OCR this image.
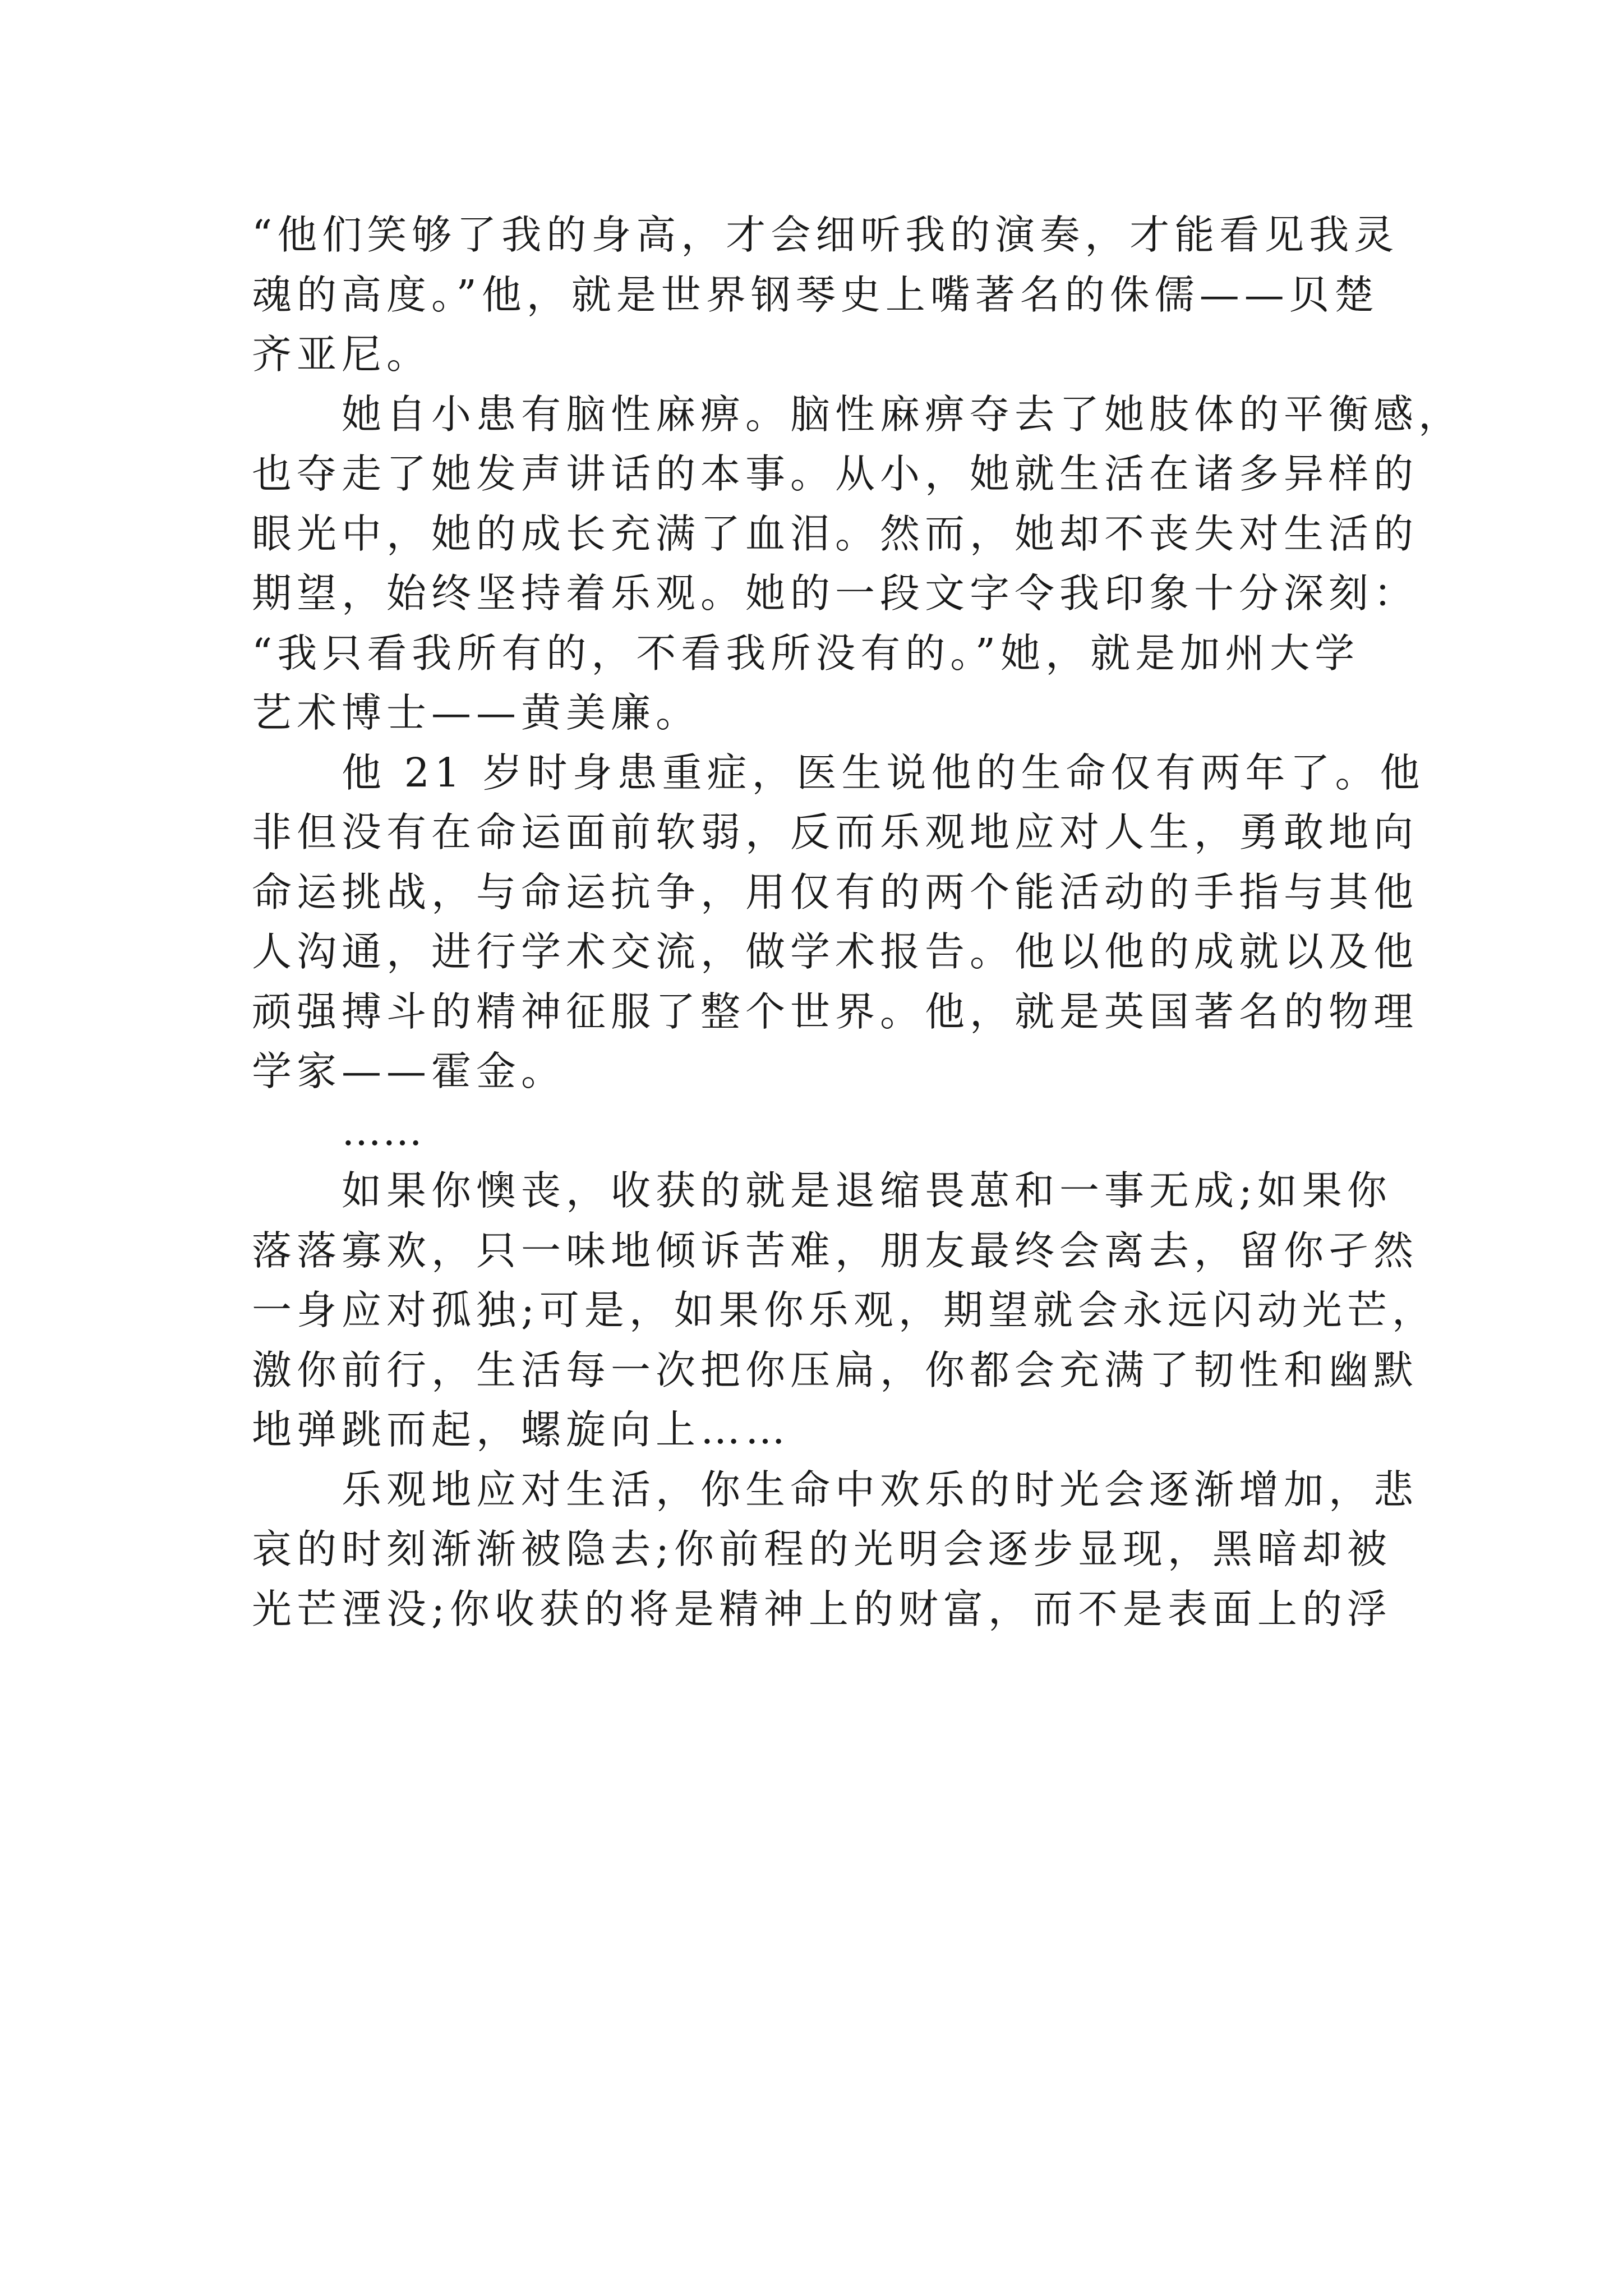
“他们笑够了我的身高，才会细听我的演奏，才能看见我灵
魂的高度。”他，就是世界钢琴史上嘴著名的侏儒——贝楚
齐亚尼。
她自小患有脑性麻痹。脑性麻痹夺去了她肢体的平衡感，
也夺走了她发声讲话的本事。从小，她就生活在诸多异样的
眼光中，她的成长充满了血泪。然而，她却不丧失对生活的
期望，始终坚持着乐观。她的一段文字令我印象十分深刻：
“我只看我所有的，不看我所没有的。”她，就是加州大学
艺术博士——黄美廉。
他 21 岁时身患重症，医生说他的生命仅有两年了。他
非但没有在命运面前软弱，反而乐观地应对人生，勇敢地向
命运挑战，与命运抗争，用仅有的两个能活动的手指与其他
人沟通，进行学术交流，做学术报告。他以他的成就以及他
顽强搏斗的精神征服了整个世界。他，就是英国著名的物理
学家——霍金。
……
如果你懊丧，收获的就是退缩畏葸和一事无成;如果你
落落寡欢，只一味地倾诉苦难，朋友最终会离去，留你孑然
一身应对孤独;可是，如果你乐观，期望就会永远闪动光芒，
激你前行，生活每一次把你压扁，你都会充满了韧性和幽默
地弹跳而起，螺旋向上……
乐观地应对生活，你生命中欢乐的时光会逐渐增加，悲
哀的时刻渐渐被隐去;你前程的光明会逐步显现，黑暗却被
光芒湮没;你收获的将是精神上的财富，而不是表面上的浮
